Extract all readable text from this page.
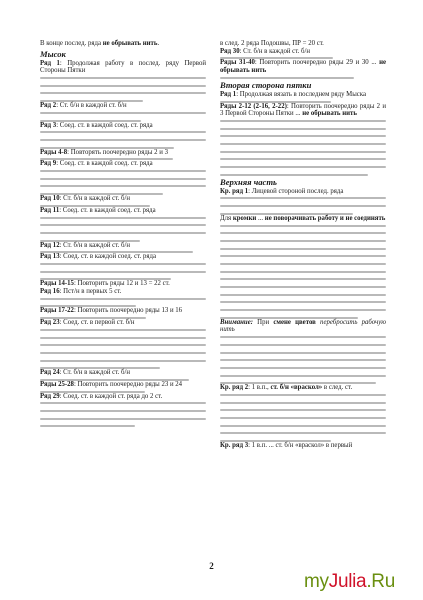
В конце послед. ряда не обрывать нить.
Мысок
Ряд 1: Продолжая работу в послед. ряду Первой Стороны Пятки
Ряд 2: Ст. б/н в каждой ст. б/н
Ряд 3: Соед. ст. в каждой соед. ст. ряда
Ряды 4-8: Повторять поочередно ряды 2 и 3
Ряд 9: Соед. ст. в каждой соед. ст. ряда
Ряд 10: Ст. б/н в каждой ст. б/н
Ряд 11: Соед. ст. в каждой соед. ст. ряда
Ряд 12: Ст. б/н в каждой ст. б/н
Ряд 13: Соед. ст. в каждой соед. ст. ряда
Ряды 14-15: Повторить ряды 12 и 13 = 22 ст.
Ряд 16: Пст/н в первых 5 ст.
Ряды 17-22: Повторить поочередно ряды 13 и 16
Ряд 23: Соед. ст. в первой ст. б/н
Ряд 24: Ст. б/н в каждой ст. б/н
Ряды 25-28: Повторить поочередно ряды 23 и 24
Ряд 29: Соед. ст. в каждой ст. ряда до 2 ст.
в след. 2 ряда Подошвы, ПР = 20 ст.
Ряд 30: Ст. б/н в каждой ст. б/н
Ряды 31-40: Повторить поочередно ряды 29 и 30 ... не обрывать нить
Вторая сторона пятки
Ряд 1: Продолжая вязать в последнем ряду Мыска
Ряды 2-12 (2-16, 2-22): Повторить поочередно ряды 2 и 3 Первой Стороны Пятки ... не обрывать нить
Верхняя часть
Кр. ряд 1: Лицевой стороной послед. ряда
Для кромки ... не поворачивать работу и не соединять
Внимание: При смене цветов перебросить рабочую нить
Кр. ряд 2: 1 в.п., ст. б/н «враскол» в след. ст.
Кр. ряд 3: 1 в.п. ... ст. б/н «враскол» в первый
2
myJulia.Ru
